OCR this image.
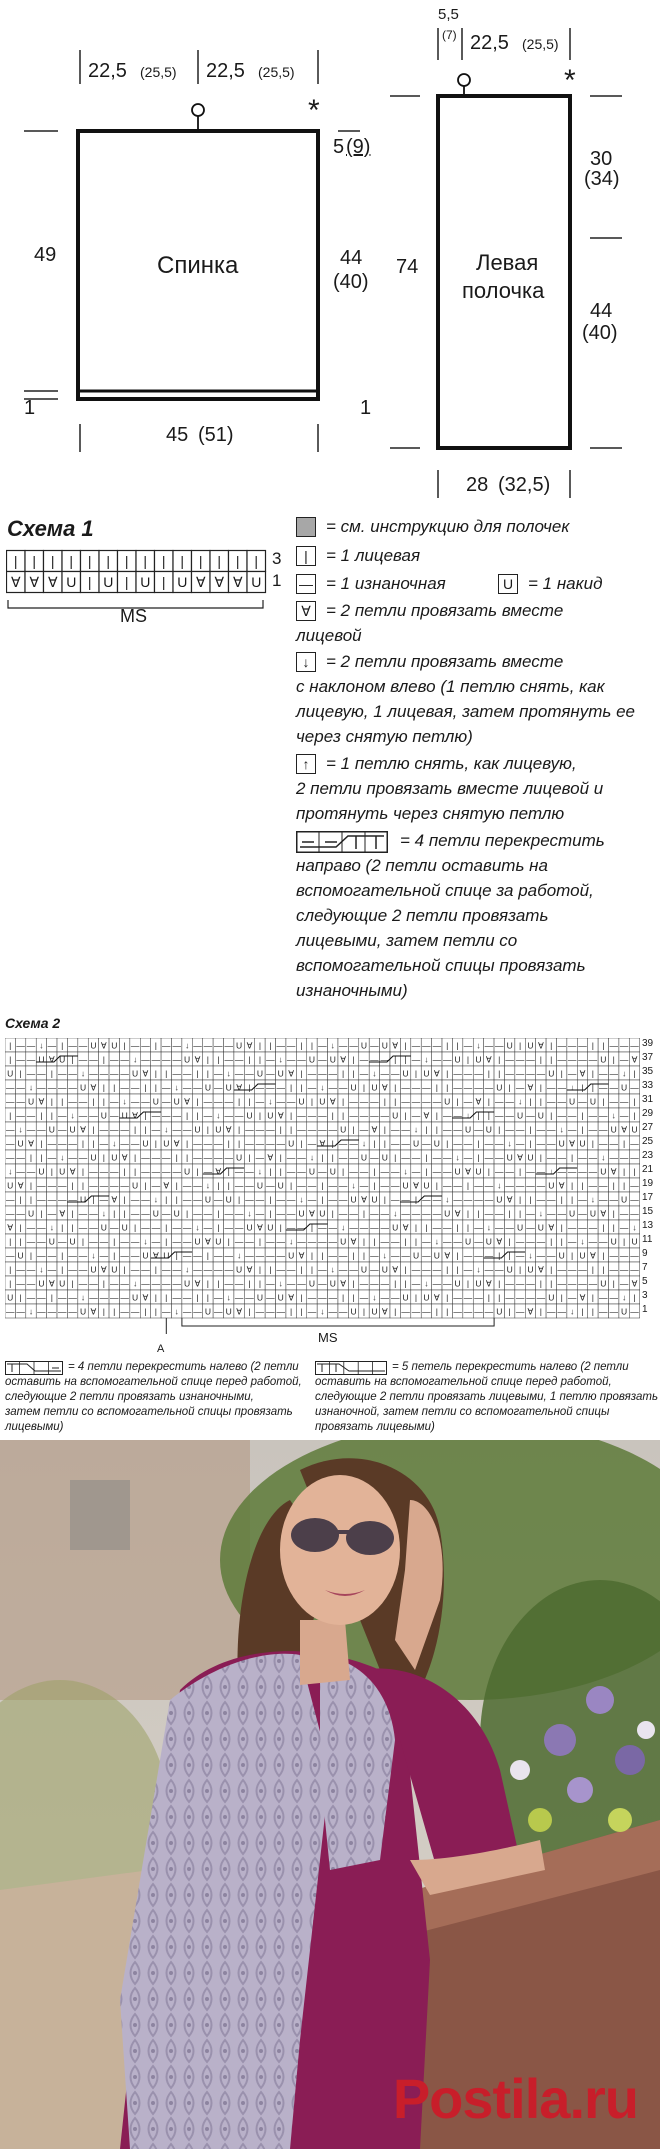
22,5 (25,5) 22,5 (25,5)
*
5 (9)
49	Спинка	44
(40)
1	1
45 (51)
5,5
(7) 22,5 (25,5)
*
30
(34)
74	Левая
полочка
44
(40)
28 (32,5)
Схема 1
| | | | | | | | | | | | | |
∀ ∀ ∀ U | U | U | U ∀ ∀ ∀ U
3
1
MS
= см. инструкцию для полочек
|	= 1 лицевая
— = 1 изнаночная	U = 1 накид
∀ = 2 петли провязать вместе
лицевой
↓ = 2 петли провязать вместе
с наклоном влево (1 петлю снять, как
лицевую, 1 лицевая, затем протянуть ее
через снятую петлю)
↑ = 1 петлю снять, как лицевую,
2 петли провязать вместе лицевой и
протянуть через снятую петлю
= 4 петли перекрестить
направо (2 петли оставить на
вспомогательной спице за работой,
следующие 2 петли провязать
лицевыми, затем петли со
вспомогательной спицы провязать
изнаночными)
Схема 2
| — — ↓ — | — — U ∀ U | — — | — — ↓ — — — — U ∀ | | — — | | — ↓ — — U — U ∀ | — — — | | — ↓ — — U | U ∀ | — — — | | — — —
| — — U ∀ U | — — | — — ↓ — — — — U ∀ | | — — | | — ↓ — — U — U ∀ | — — — | | — ↓ — — U | U ∀ | — — — | | — — — — U | — ∀
U | — — | — — ↓ — — — — U ∀ | | — — | | — ↓ — — U — U ∀ | — — — | | — ↓ — — U | U ∀ | — — — | | — — — — U | — ∀ | — — ↓ |
— — ↓ — — — — U ∀ | | — — | | — ↓ — — U — U ∀ | — — — | | — ↓ — — U | U ∀ | — — — | | — — — — U | — ∀ | — — ↓ | | — — U —
— — U ∀ | | — — | | — ↓ — — U — U ∀ | — — — | | — ↓ — — U | U ∀ | — — — | | — — — — U | — ∀ | — — ↓ | | — — U — U | — — |
| — — | | — ↓ — — U — U ∀ | — — — | | — ↓ — — U | U ∀ | — — — | | — — — — U | — ∀ | — — ↓ | | — — U — U | — — | — — ↓ — |
— ↓ — — U — U ∀ | — — — | | — ↓ — — U | U ∀ | — — — | | — — — — U | — ∀ | — — ↓ | | — — U — U | — — | — — ↓ — | — — U ∀ U
— U ∀ | — — — | | — ↓ — — U | U ∀ | — — — | | — — — — U | — ∀ | — — ↓ | | — — U — U | — — | — — ↓ — | — — U ∀ U | — — | —
— — | | — ↓ — — U | U ∀ | — — — | | — — — — U | — ∀ | — — ↓ | | — — U — U | — — | — — ↓ — | — — U ∀ U | — — | — — ↓ — — —
↓ — — U | U ∀ | — — — | | — — — — U | — ∀ | — — ↓ | | — — U — U | — — | — — ↓ — | — — U ∀ U | — — | — — ↓ — — — — U ∀ | |
U ∀ | — — — | | — — — — U | — ∀ | — — ↓ | | — — U — U | — — | — — ↓ — | — — U ∀ U | — — | — — ↓ — — — — U ∀ | | — — | | —
— | | — — — — U | — ∀ | — — ↓ | | — — U — U | — — | — — ↓ — | — — U ∀ U | — — | — — ↓ — — — — U ∀ | | — — | | — ↓ — — U —
— — U | — ∀ | — — ↓ | | — — U — U | — — | — — ↓ — | — — U ∀ U | — — | — — ↓ — — — — U ∀ | | — — | | — ↓ — — U — U ∀ | — —
∀ | — — ↓ | | — — U — U | — — | — — ↓ — | — — U ∀ U | — — | — — ↓ — — — — U ∀ | | — — | | — ↓ — — U — U ∀ | — — — | | — ↓
| | — — U — U | — — | — — ↓ — | — — U ∀ U | — — | — — ↓ — — — — U ∀ | | — — | | — ↓ — — U — U ∀ | — — — | | — ↓ — — U | U
— U | — — | — — ↓ — | — — U ∀ U | — — | — — ↓ — — — — U ∀ | | — — | | — ↓ — — U — U ∀ | — — — | | — ↓ — — U | U ∀ | — — —
| — — ↓ — | — — U ∀ U | — — | — — ↓ — — — — U ∀ | | — — | | — ↓ — — U — U ∀ | — — — | | — ↓ — — U | U ∀ | — — — | | — — —
| — — U ∀ U | — — | — — ↓ — — — — U ∀ | | — — | | — ↓ — — U — U ∀ | — — — | | — ↓ — — U | U ∀ | — — — | | — — — — U | — ∀
U | — — | — — ↓ — — — — U ∀ | | — — | | — ↓ — — U — U ∀ | — — — | | — ↓ — — U | U ∀ | — — — | | — — — — U | — ∀ | — — ↓ |
— — ↓ — — — — U ∀ | | — — | | — ↓ — — U — U ∀ | — — — | | — ↓ — — U | U ∀ | — — — | | — — — — U | — ∀ | — — ↓ | | — — U —
39
37
35
33
31
29
27
25
23
21
19
17
15
13
11
9
7
5
3
1
A
MS
= 4 петли перекрестить налево (2 петли
оставить на вспомогательной спице перед работой,
следующие 2 петли провязать изнаночными,
затем петли со вспомогательной спицы провязать
лицевыми)
= 5 петель перекрестить налево (2 петли
оставить на вспомогательной спице перед работой,
следующие 2 петли провязать лицевыми, 1 петлю провязать
изнаночной, затем петли со вспомогательной спицы
провязать лицевыми)
Postila.ru
